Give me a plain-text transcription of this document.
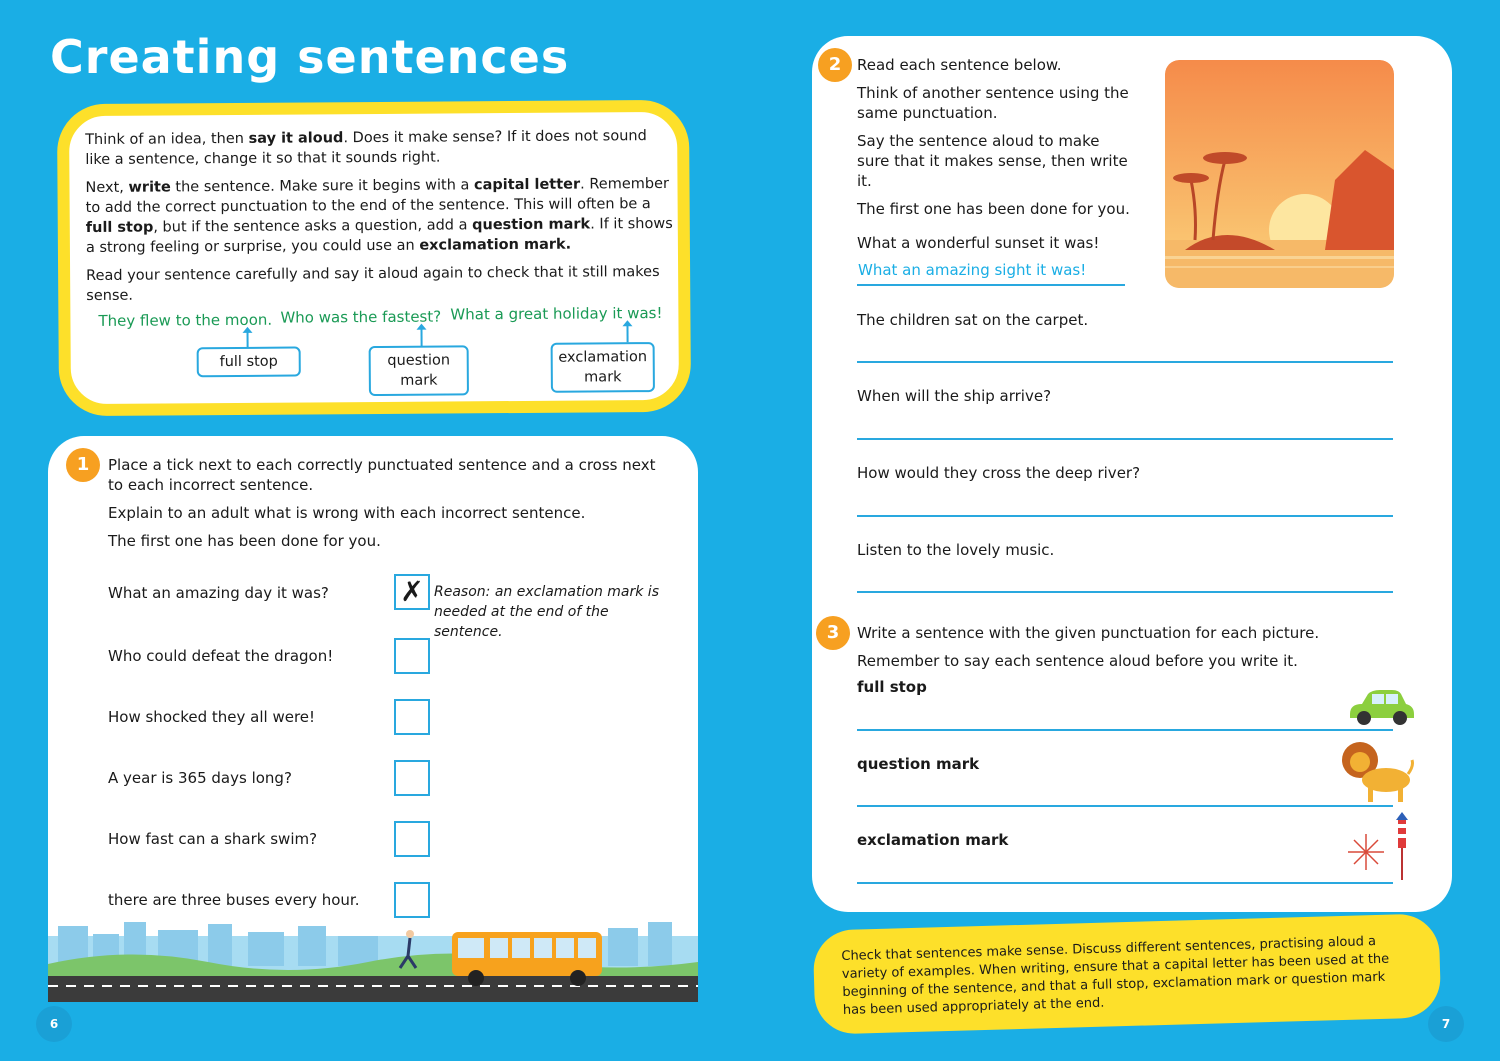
Creating sentences

Think of an idea, then say it aloud. Does it make sense? If it does not sound like a sentence, change it so that it sounds right.

Next, write the sentence. Make sure it begins with a capital letter. Remember to add the correct punctuation to the end of the sentence. This will often be a full stop, but if the sentence asks a question, add a question mark. If it shows a strong feeling or surprise, you could use an exclamation mark.

Read your sentence carefully and say it aloud again to check that it still makes sense.

They flew to the moon. Who was the fastest? What a great holiday it was!
full stop	question mark
exclamation mark
1	Place a tick next to each correctly punctuated sentence and a cross next to each incorrect sentence.

Explain to an adult what is wrong with each incorrect sentence.

The first one has been done for you.

What an amazing day it was?	✗ Reason: an exclamation mark is needed at the end of the sentence.
Who could defeat the dragon!
How shocked they all were!
A year is 365 days long?
How fast can a shark swim?
there are three buses every hour.
2	Read each sentence below.

Think of another sentence using the same punctuation.

Say the sentence aloud to make sure that it makes sense, then write it.

The first one has been done for you.

What a wonderful sunset it was!
What an amazing sight it was!
The children sat on the carpet.
When will the ship arrive?
How would they cross the deep river?
Listen to the lovely music.
3	Write a sentence with the given punctuation for each picture.

Remember to say each sentence aloud before you write it.

full stop
question mark
exclamation mark
Check that sentences make sense. Discuss different sentences, practising aloud a variety of examples. When writing, ensure that a capital letter has been used at the beginning of the sentence, and that a full stop, exclamation mark or question mark has been used appropriately at the end.
6	7
